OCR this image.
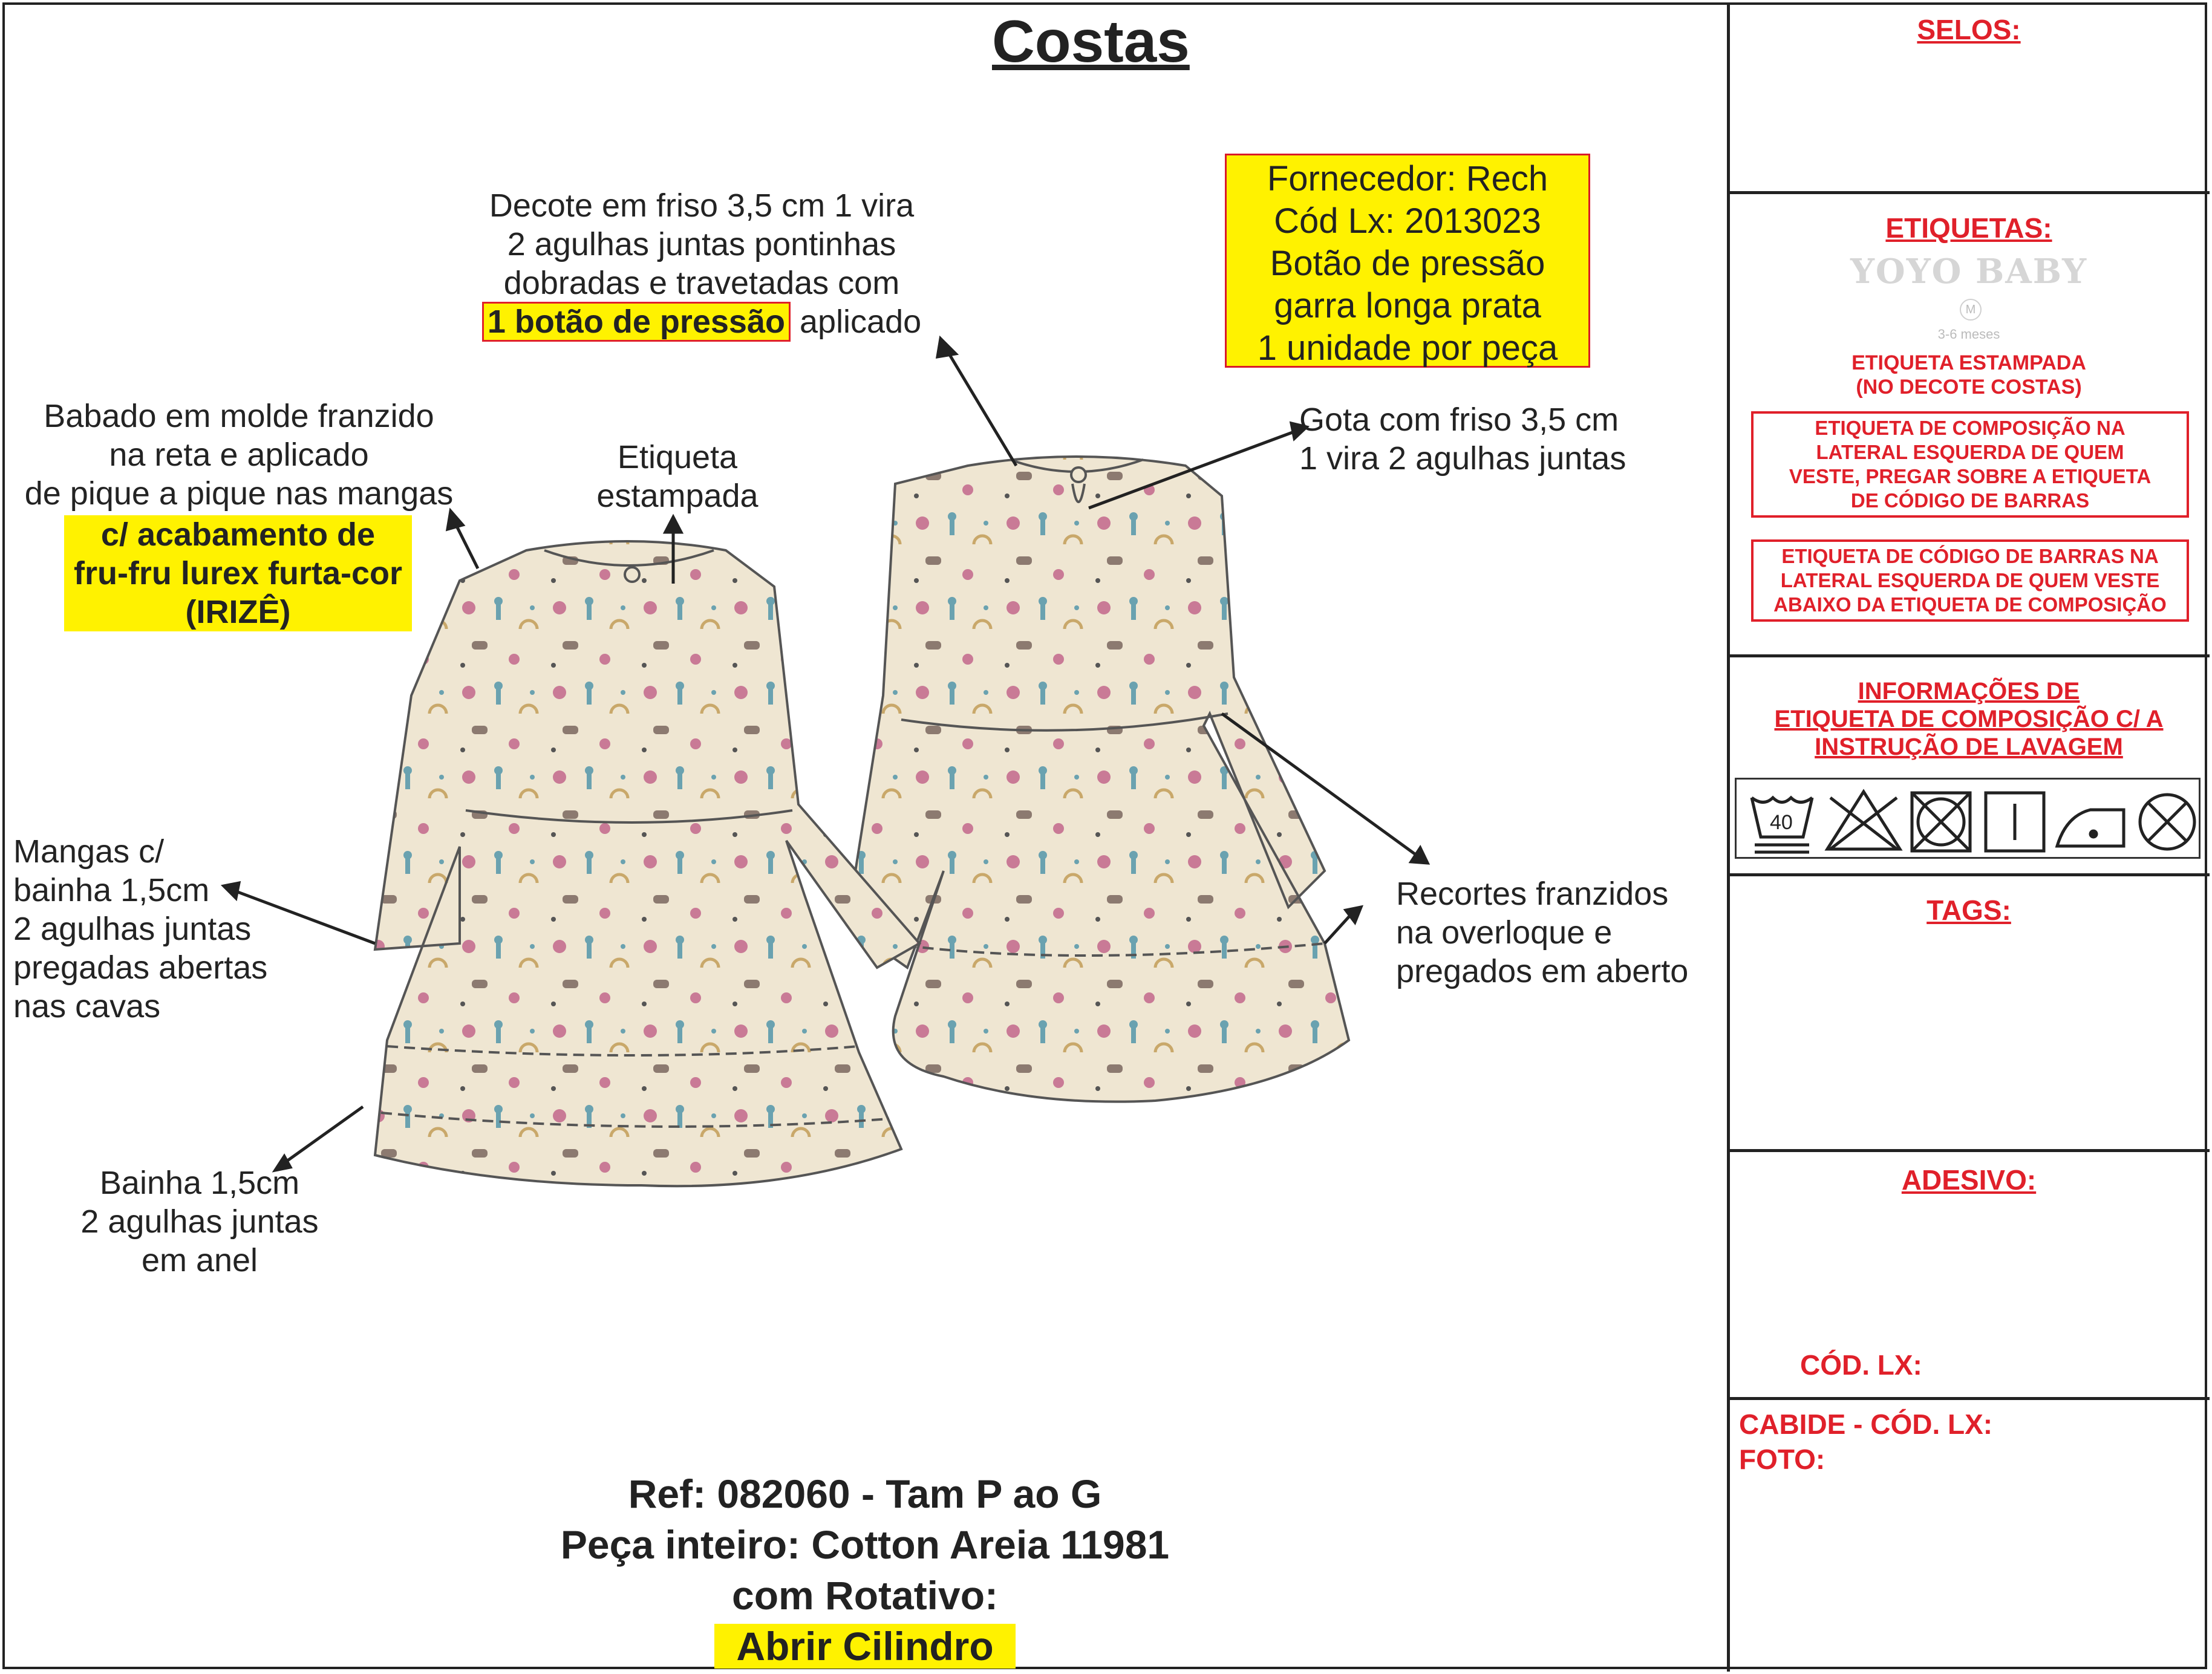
Costas
Decote em friso 3,5 cm 1 vira
2 agulhas juntas pontinhas
dobradas e travetadas com
1 botão de pressão aplicado
Fornecedor: Rech
Cód Lx: 2013023
Botão de pressão
garra longa prata
1 unidade por peça
Babado em molde franzido
na reta e aplicado
de pique a pique nas mangas
c/ acabamento de
fru-fru lurex furta-cor
(IRIZÊ)
Etiqueta
estampada
Gota com friso 3,5 cm
1 vira 2 agulhas juntas
Mangas c/
bainha 1,5cm
2 agulhas juntas
pregadas abertas
nas cavas
Recortes franzidos
na overloque e
pregados em aberto
Bainha 1,5cm
2 agulhas juntas
em anel
Ref: 082060 - Tam P ao G
Peça inteiro: Cotton Areia 11981
com Rotativo:
Abrir Cilindro
SELOS:
ETIQUETAS:
YOYO BABY
M
3-6 meses
ETIQUETA ESTAMPADA
(NO DECOTE COSTAS)
ETIQUETA DE COMPOSIÇÃO NA
LATERAL ESQUERDA DE QUEM
VESTE, PREGAR SOBRE A ETIQUETA
DE CÓDIGO DE BARRAS
ETIQUETA DE CÓDIGO DE BARRAS NA
LATERAL ESQUERDA DE QUEM VESTE
ABAIXO DA ETIQUETA DE COMPOSIÇÃO
INFORMAÇÕES DE
ETIQUETA DE COMPOSIÇÃO C/ A
INSTRUÇÃO DE LAVAGEM
40
TAGS:
ADESIVO:
CÓD. LX:
CABIDE - CÓD. LX:
FOTO:
